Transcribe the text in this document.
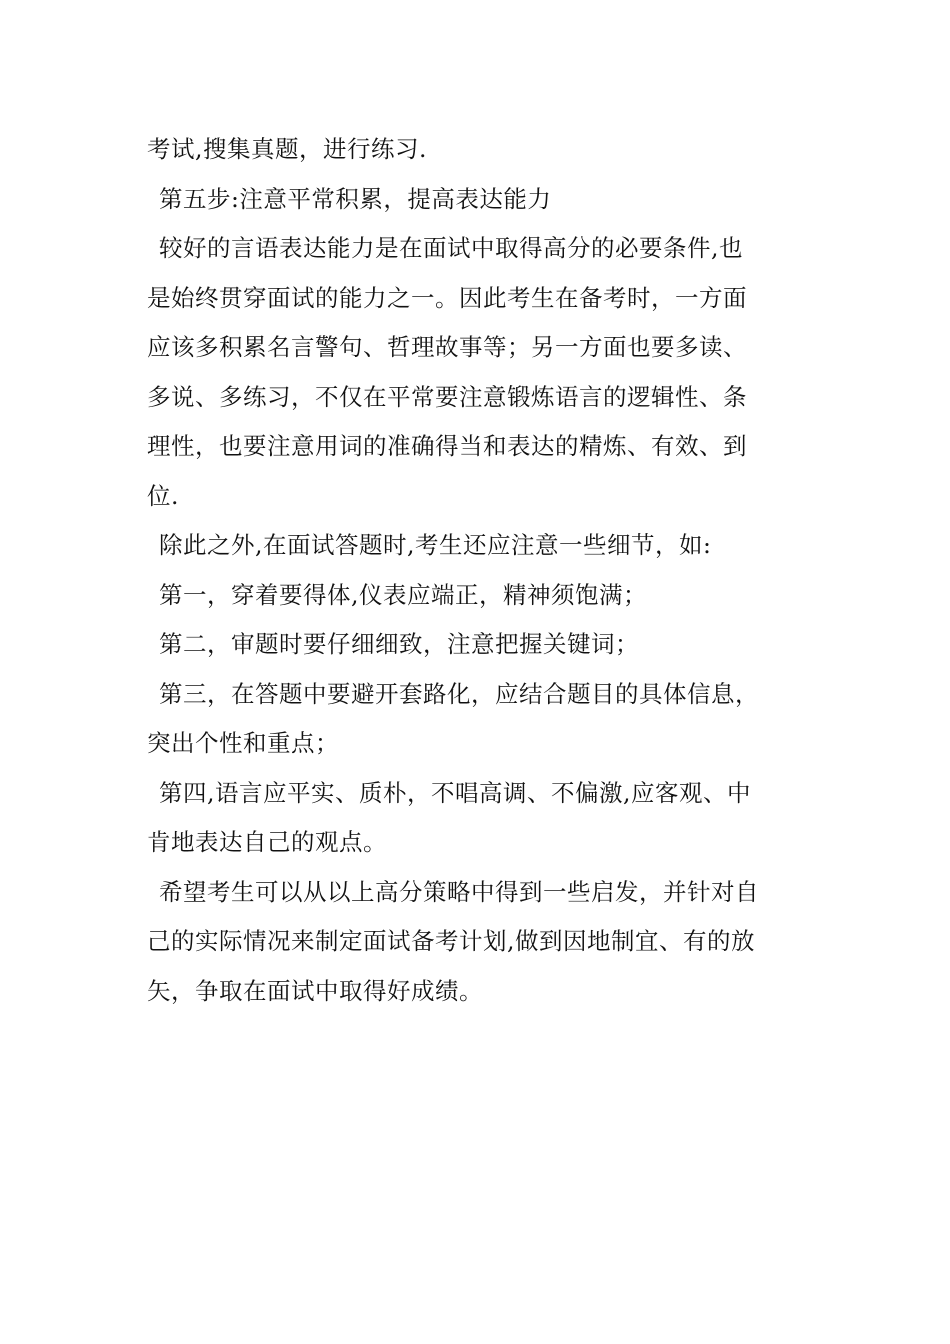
考试,搜集真题，进行练习.
第五步:注意平常积累，提高表达能力
较好的言语表达能力是在面试中取得高分的必要条件,也
是始终贯穿面试的能力之一。因此考生在备考时，一方面
应该多积累名言警句、哲理故事等；另一方面也要多读、
多说、多练习，不仅在平常要注意锻炼语言的逻辑性、条
理性，也要注意用词的准确得当和表达的精炼、有效、到
位.
除此之外,在面试答题时,考生还应注意一些细节，如:
第一，穿着要得体,仪表应端正，精神须饱满；
第二，审题时要仔细细致，注意把握关键词；
第三，在答题中要避开套路化，应结合题目的具体信息，
突出个性和重点；
第四,语言应平实、质朴，不唱高调、不偏激,应客观、中
肯地表达自己的观点。
希望考生可以从以上高分策略中得到一些启发，并针对自
己的实际情况来制定面试备考计划,做到因地制宜、有的放
矢，争取在面试中取得好成绩。
